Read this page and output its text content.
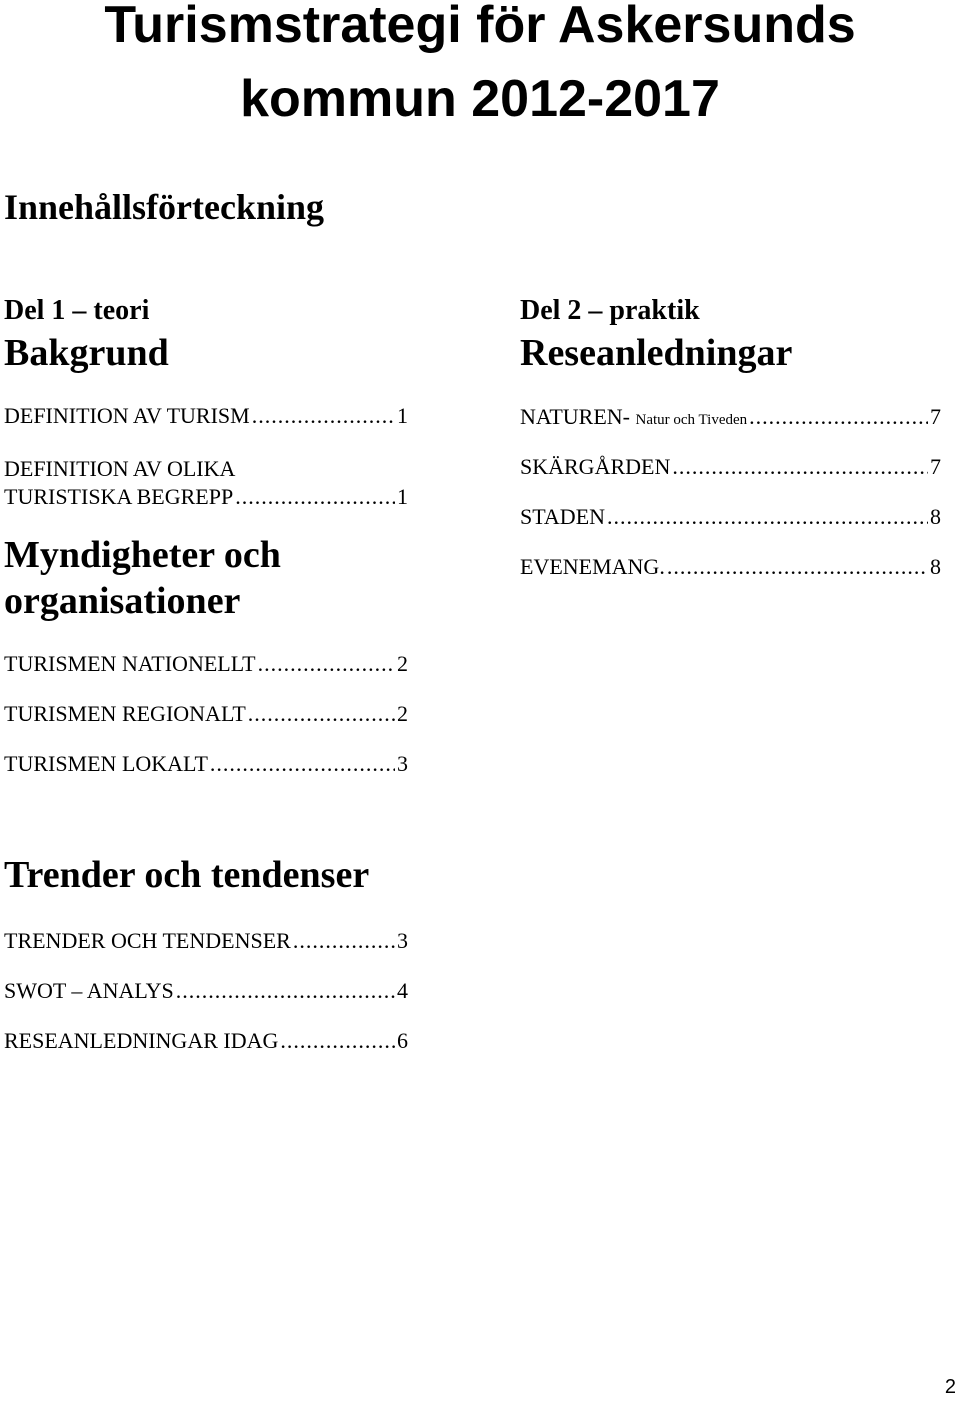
Turismstrategi för Askersunds
kommun 2012-2017
Innehållsförteckning
Del 1 – teori
Bakgrund
DEFINITION AV TURISM .....	1
DEFINITION AV OLIKA
TURISTISKA BEGREPP .....	1
Myndigheter och
organisationer
TURISMEN NATIONELLT .....	2
TURISMEN REGIONALT .....	2
TURISMEN LOKALT .....	3
Trender och tendenser
TRENDER OCH TENDENSER .....	3
SWOT – ANALYS .....	4
RESEANLEDNINGAR IDAG .....	6
Del 2 – praktik
Reseanledningar
NATUREN- Natur och Tiveden .....	7
SKÄRGÅRDEN .....	7
STADEN .....	8
EVENEMANG. .....	8
2
